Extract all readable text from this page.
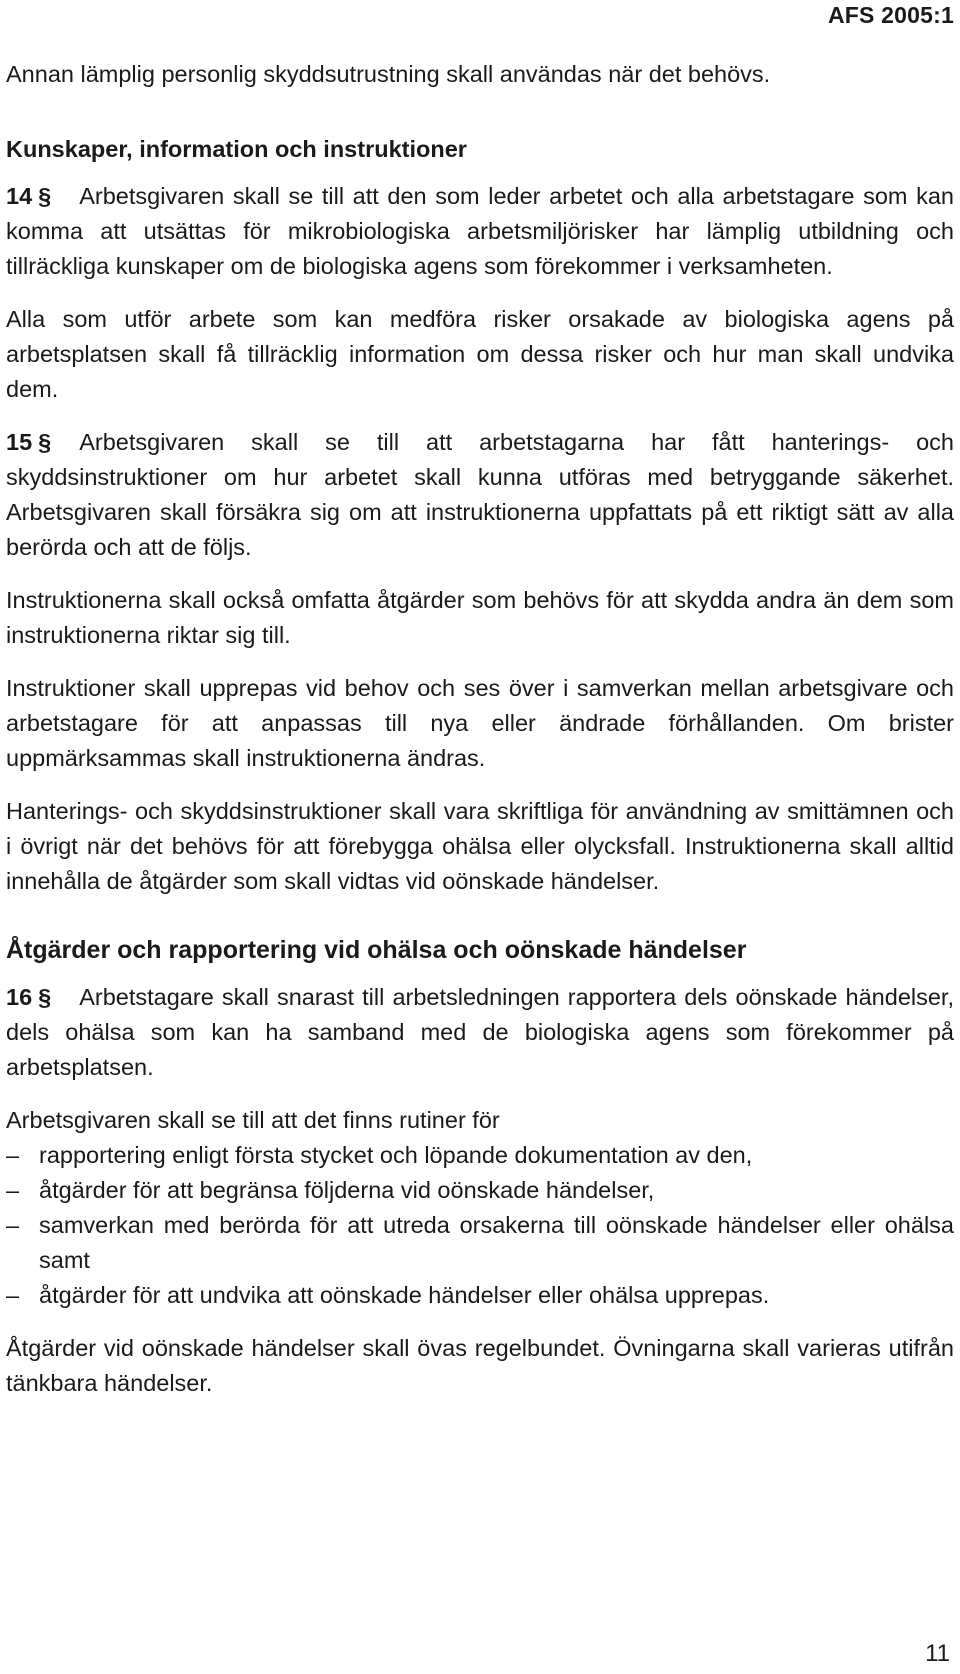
AFS 2005:1

Annan lämplig personlig skyddsutrustning skall användas när det behövs.

Kunskaper, information och instruktioner

14 § Arbetsgivaren skall se till att den som leder arbetet och alla arbetstagare som kan komma att utsättas för mikrobiologiska arbetsmiljörisker har lämplig utbildning och tillräckliga kunskaper om de biologiska agens som förekommer i verksamheten.

Alla som utför arbete som kan medföra risker orsakade av biologiska agens på arbetsplatsen skall få tillräcklig information om dessa risker och hur man skall undvika dem.

15 § Arbetsgivaren skall se till att arbetstagarna har fått hanterings- och skyddsinstruktioner om hur arbetet skall kunna utföras med betryggande säkerhet. Arbetsgivaren skall försäkra sig om att instruktionerna uppfattats på ett riktigt sätt av alla berörda och att de följs.

Instruktionerna skall också omfatta åtgärder som behövs för att skydda andra än dem som instruktionerna riktar sig till.

Instruktioner skall upprepas vid behov och ses över i samverkan mellan arbetsgivare och arbetstagare för att anpassas till nya eller ändrade förhållanden. Om brister uppmärksammas skall instruktionerna ändras.

Hanterings- och skyddsinstruktioner skall vara skriftliga för användning av smittämnen och i övrigt när det behövs för att förebygga ohälsa eller olycksfall. Instruktionerna skall alltid innehålla de åtgärder som skall vidtas vid oönskade händelser.

Åtgärder och rapportering vid ohälsa och oönskade händelser

16 § Arbetstagare skall snarast till arbetsledningen rapportera dels oönskade händelser, dels ohälsa som kan ha samband med de biologiska agens som förekommer på arbetsplatsen.

Arbetsgivaren skall se till att det finns rutiner för

– rapportering enligt första stycket och löpande dokumentation av den,
– åtgärder för att begränsa följderna vid oönskade händelser,
– samverkan med berörda för att utreda orsakerna till oönskade händelser eller ohälsa samt
– åtgärder för att undvika att oönskade händelser eller ohälsa upprepas.

Åtgärder vid oönskade händelser skall övas regelbundet. Övningarna skall varieras utifrån tänkbara händelser.

11
